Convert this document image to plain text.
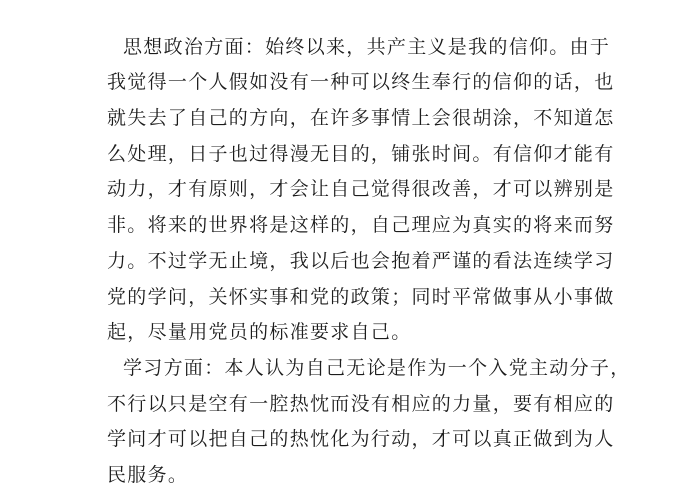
思想政治方面：始终以来，共产主义是我的信仰。由于
我觉得一个人假如没有一种可以终生奉行的信仰的话，也
就失去了自己的方向，在许多事情上会很胡涂，不知道怎
么处理，日子也过得漫无目的，铺张时间。有信仰才能有
动力，才有原则，才会让自己觉得很改善，才可以辨别是
非。将来的世界将是这样的，自己理应为真实的将来而努
力。不过学无止境，我以后也会抱着严谨的看法连续学习
党的学问，关怀实事和党的政策；同时平常做事从小事做
起，尽量用党员的标准要求自己。
学习方面：本人认为自己无论是作为一个入党主动分子，
不行以只是空有一腔热忱而没有相应的力量，要有相应的
学问才可以把自己的热忱化为行动，才可以真正做到为人
民服务。
